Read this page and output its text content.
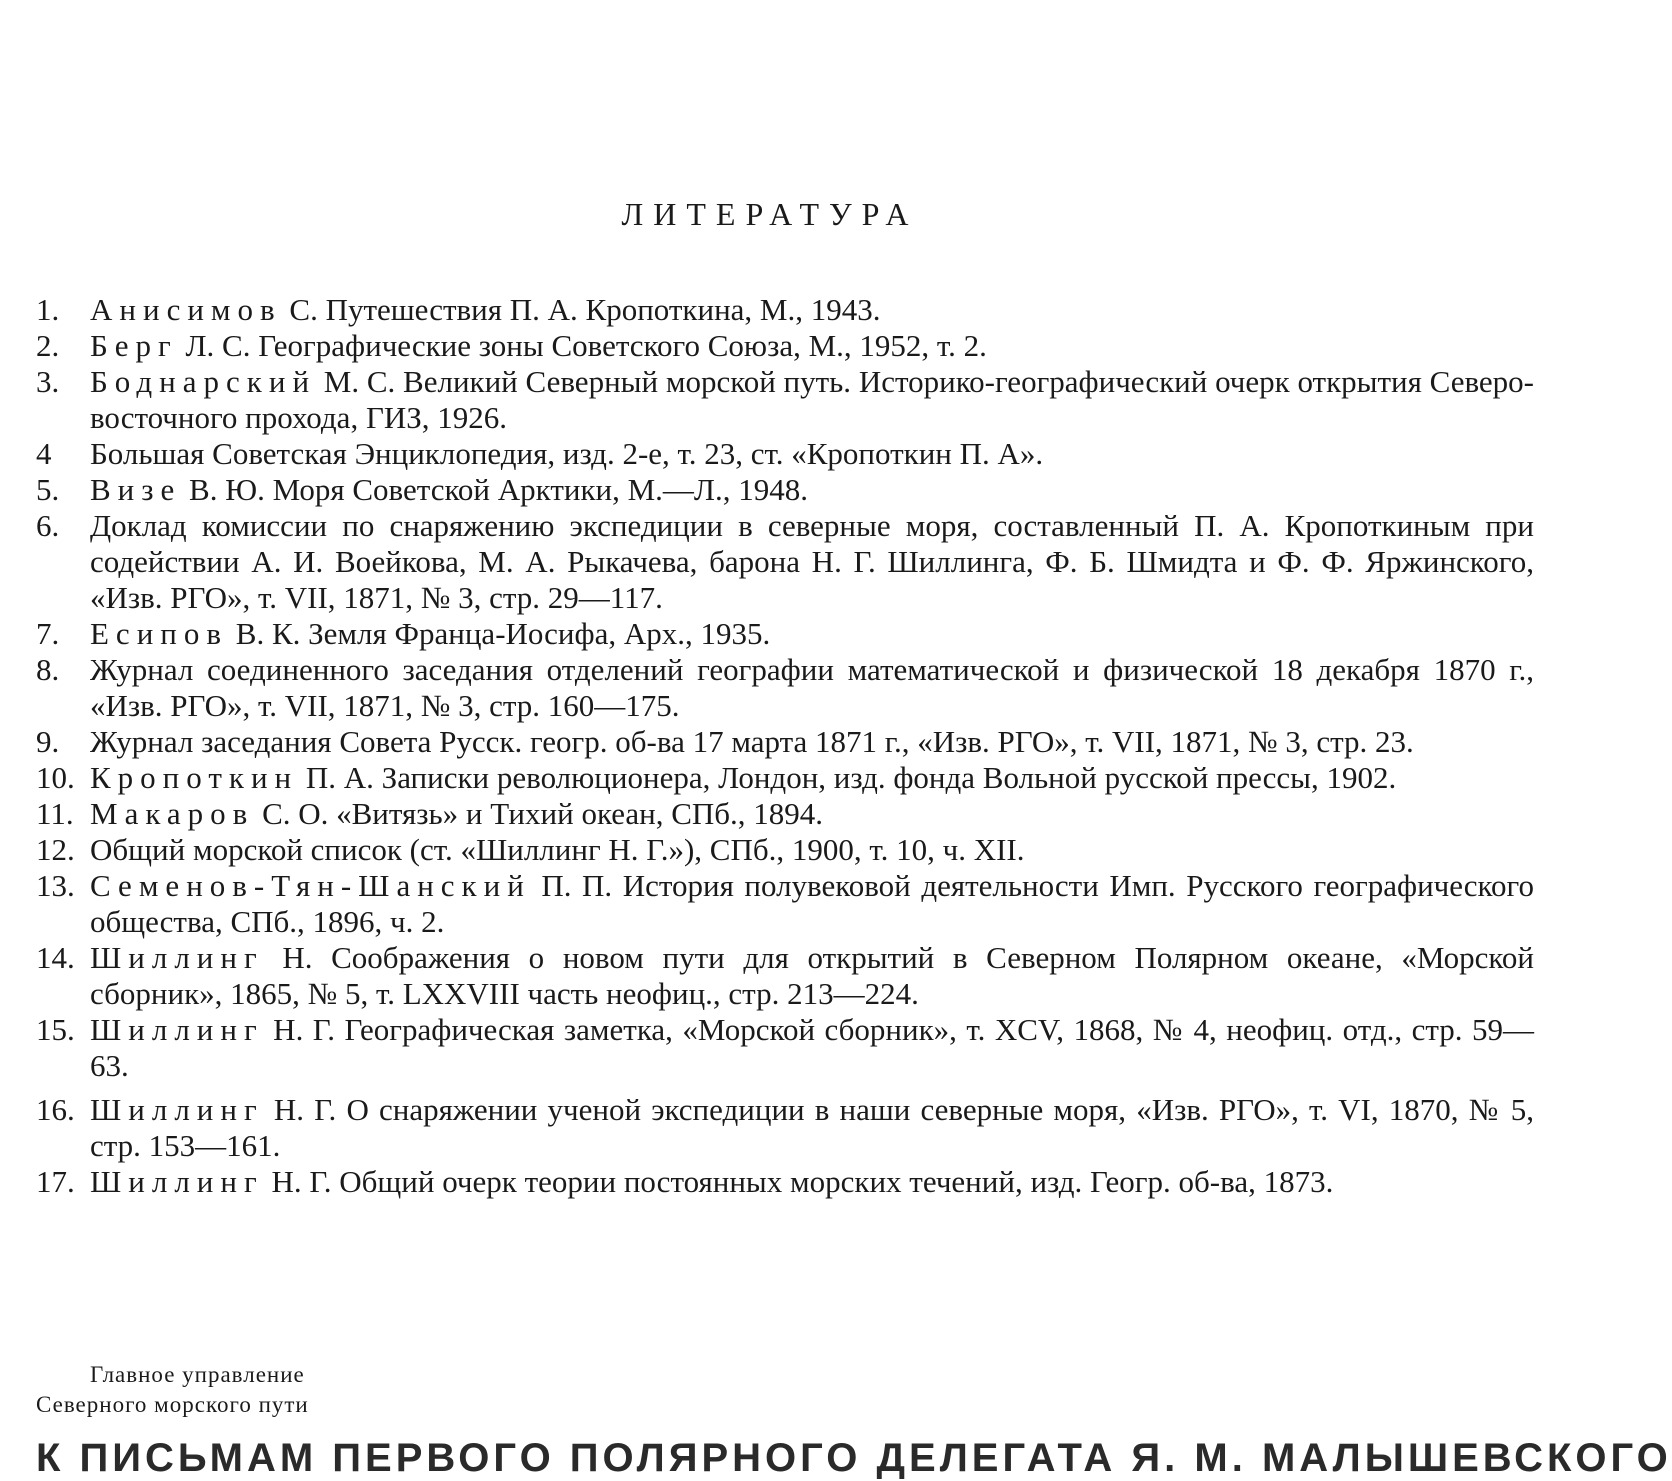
ЛИТЕРАТУРА
1. Анисимов С. Путешествия П. А. Кропоткина, М., 1943.
2. Берг Л. С. Географические зоны Советского Союза, М., 1952, т. 2.
3. Боднарский М. С. Великий Северный морской путь. Историко-географический очерк открытия Северо-восточного прохода, ГИЗ, 1926.
4	Большая Советская Энциклопедия, изд. 2-е, т. 23, ст. «Кропоткин П. А».
5. Визе В. Ю. Моря Советской Арктики, М.—Л., 1948.
6. Доклад комиссии по снаряжению экспедиции в северные моря, составленный П. А. Кропоткиным при содействии А. И. Воейкова, М. А. Рыкачева, барона Н. Г. Шиллинга, Ф. Б. Шмидта и Ф. Ф. Яржинского, «Изв. РГО», т. VII, 1871, № 3, стр. 29—117.
7. Есипов В. К. Земля Франца-Иосифа, Арх., 1935.
8. Журнал соединенного заседания отделений географии математической и физической 18 декабря 1870 г., «Изв. РГО», т. VII, 1871, № 3, стр. 160—175.
9. Журнал заседания Совета Русск. геогр. об-ва 17 марта 1871 г., «Изв. РГО», т. VII, 1871, № 3, стр. 23.
10. Кропоткин П. А. Записки революционера, Лондон, изд. фонда Вольной русской прессы, 1902.
11. Макаров С. О. «Витязь» и Тихий океан, СПб., 1894.
12. Общий морской список (ст. «Шиллинг Н. Г.»), СПб., 1900, т. 10, ч. XII.
13. Семенов-Тян-Шанский П. П. История полувековой деятельности Имп. Русского географического общества, СПб., 1896, ч. 2.
14. Шиллинг Н. Соображения о новом пути для открытий в Северном Полярном океане, «Морской сборник», 1865, № 5, т. LXXVIII часть неофиц., стр. 213—224.
15. Шиллинг Н. Г. Географическая заметка, «Морской сборник», т. XCV, 1868, № 4, неофиц. отд., стр. 59—63.
16. Шиллинг Н. Г. О снаряжении ученой экспедиции в наши северные моря, «Изв. РГО», т. VI, 1870, № 5, стр. 153—161.
17. Шиллинг Н. Г. Общий очерк теории постоянных морских течений, изд. Геогр. об-ва, 1873.
Главное управление
Северного морского пути
К ПИСЬМАМ ПЕРВОГО ПОЛЯРНОГО ДЕЛЕГАТА Я. М. МАЛЫШЕВСКОГО
